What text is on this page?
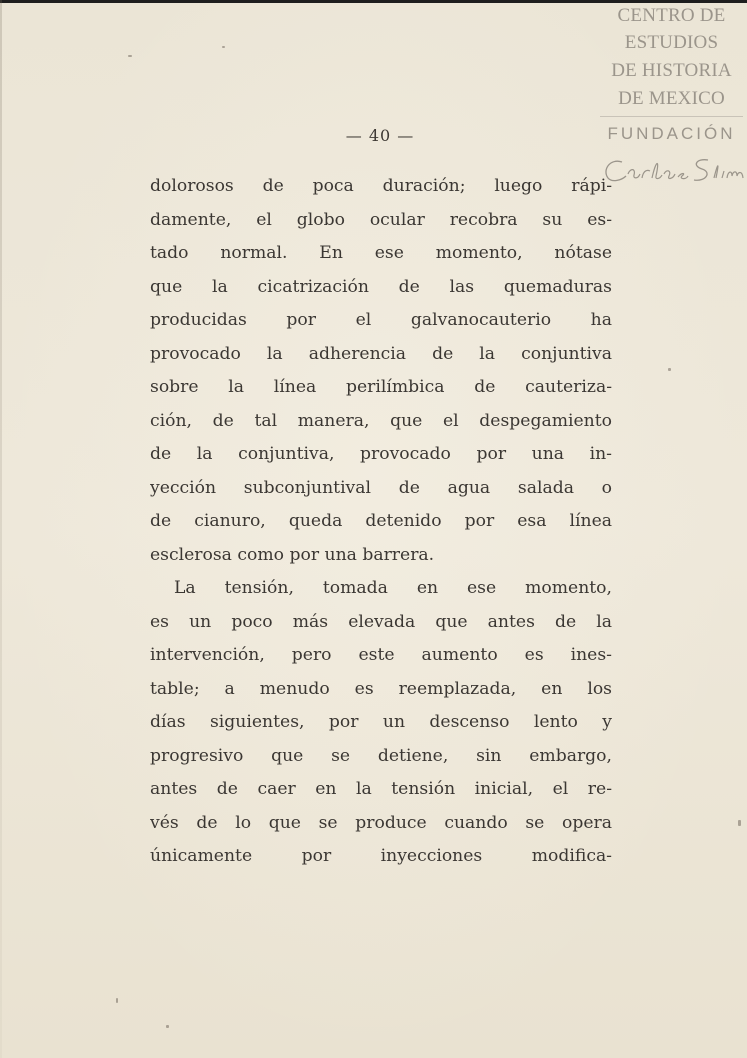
CENTRO DE
ESTUDIOS
DE HISTORIA
DE MEXICO
FUNDACIÓN
— 40 —
dolorosos de poca duración; luego rápi-
damente, el globo ocular recobra su es-
tado normal. En ese momento, nótase
que la cicatrización de las quemaduras
producidas por el galvanocauterio ha
provocado la adherencia de la conjuntiva
sobre la línea perilímbica de cauteriza-
ción, de tal manera, que el despegamiento
de la conjuntiva, provocado por una in-
yección subconjuntival de agua salada o
de cianuro, queda detenido por esa línea
esclerosa como por una barrera.
La tensión, tomada en ese momento,
es un poco más elevada que antes de la
intervención, pero este aumento es ines-
table; a menudo es reemplazada, en los
días siguientes, por un descenso lento y
progresivo que se detiene, sin embargo,
antes de caer en la tensión inicial, el re-
vés de lo que se produce cuando se opera
únicamente por inyecciones modifica-
